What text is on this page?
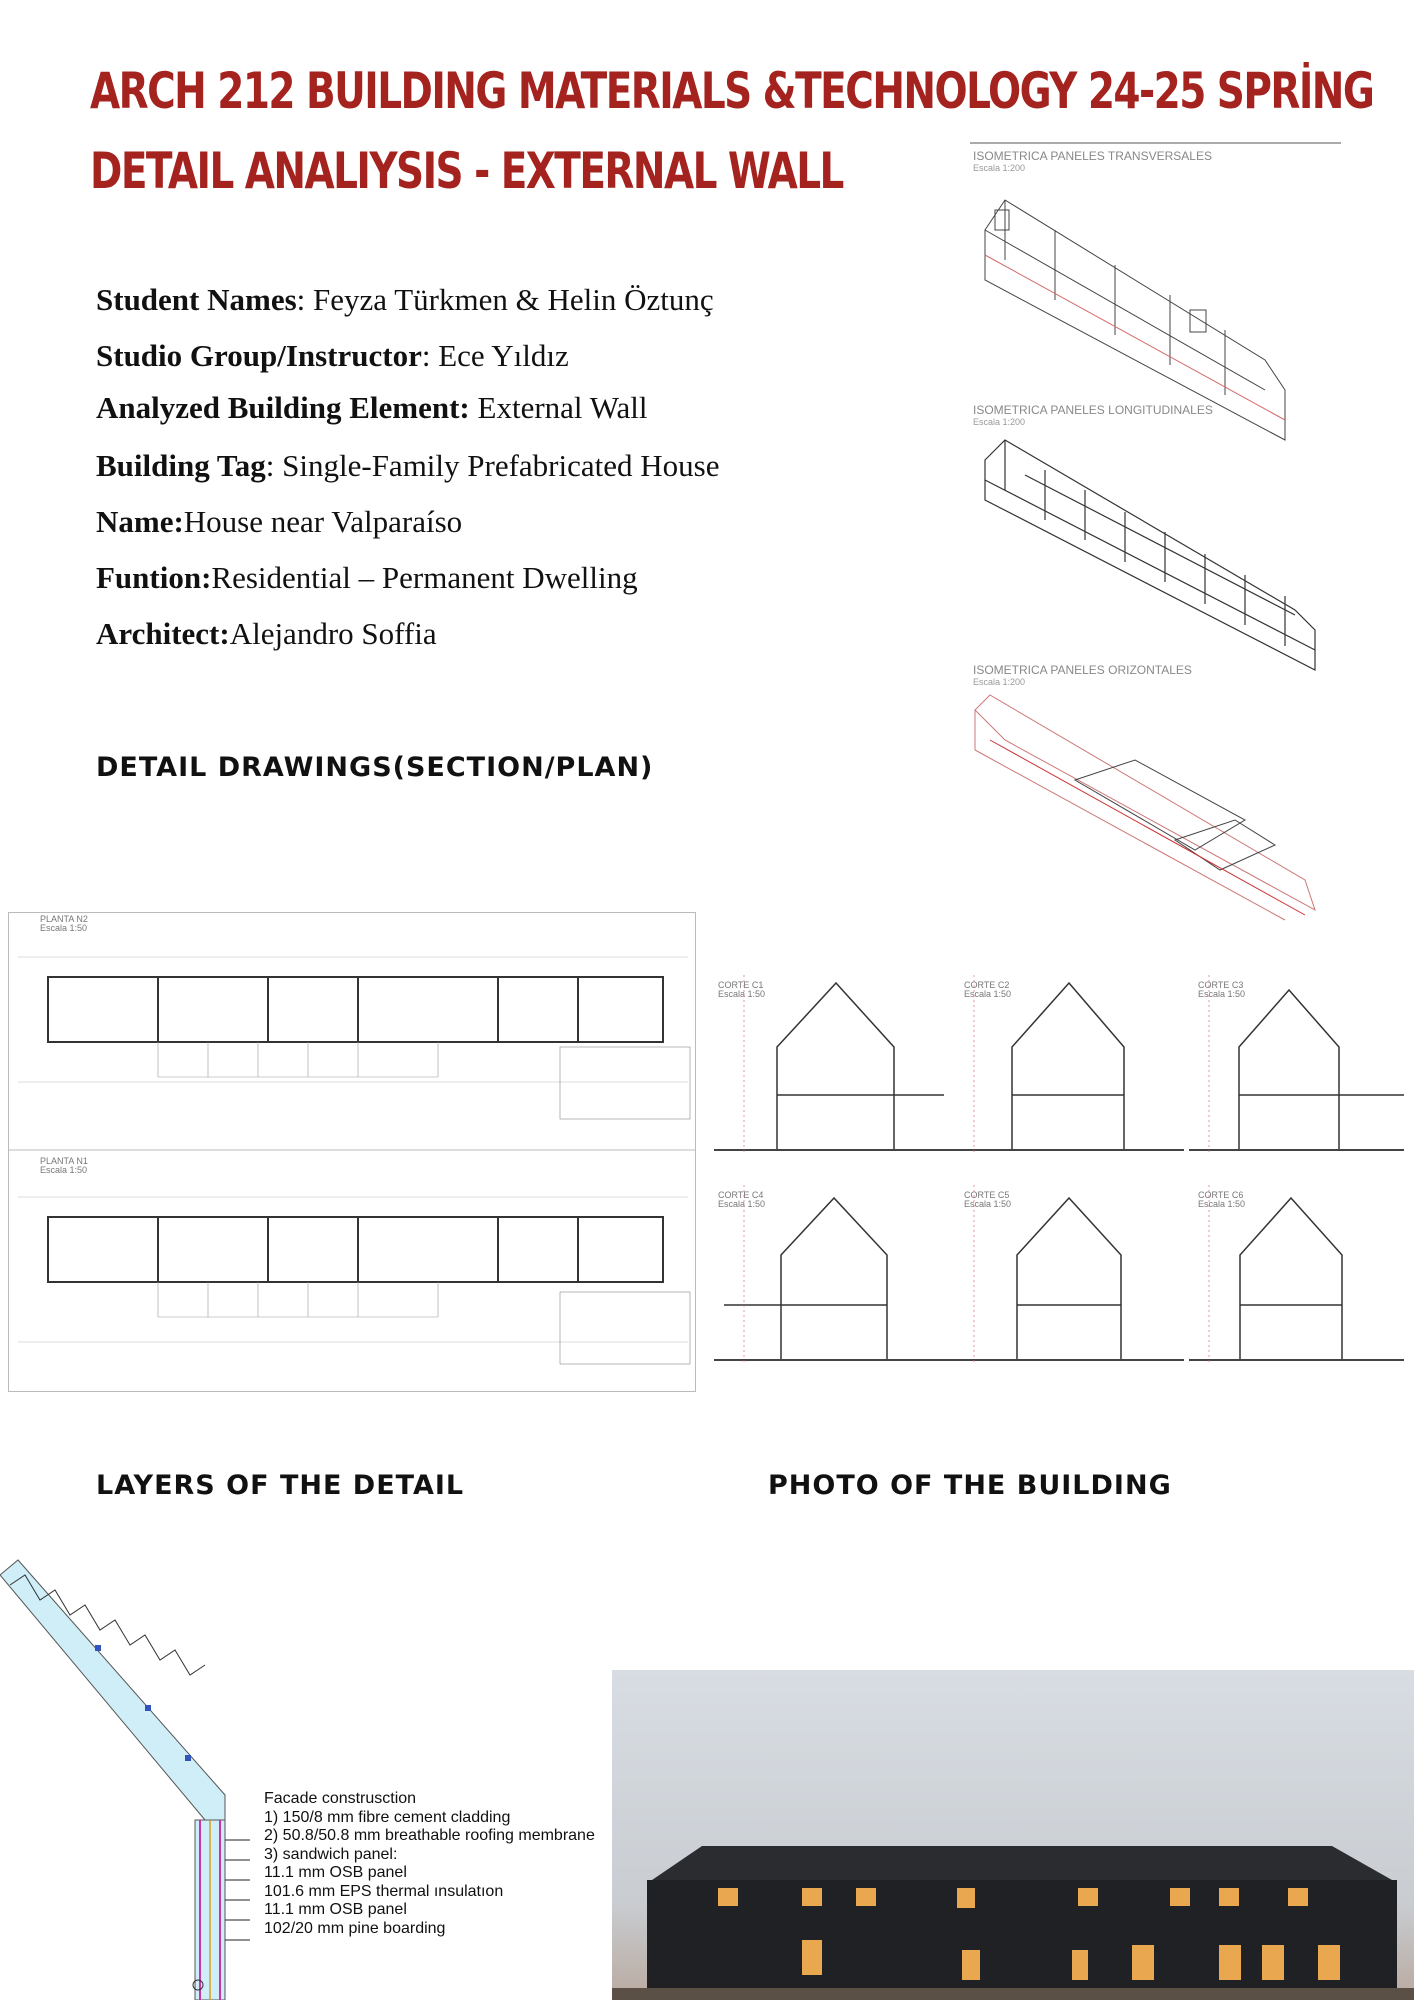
ARCH 212 BUILDING MATERIALS &TECHNOLOGY 24-25 SPRİNG
DETAIL ANALIYSIS - EXTERNAL WALL
Student Names: Feyza Türkmen & Helin Öztunç
Studio Group/Instructor: Ece Yıldız
Analyzed Building Element: External Wall
Building Tag: Single-Family Prefabricated House
Name:House near Valparaíso
Funtion:Residential – Permanent Dwelling
Architect:Alejandro Soffia
DETAIL DRAWINGS(SECTION/PLAN)
LAYERS OF THE DETAIL	PHOTO OF THE BUILDING
ISOMETRICA PANELES TRANSVERSALES
Escala 1:200
ISOMETRICA PANELES LONGITUDINALES
Escala 1:200
ISOMETRICA PANELES ORIZONTALES
Escala 1:200
PLANTA N2
Escala 1:50
PLANTA N1
Escala 1:50
CORTE C1
Escala 1:50
CORTE C2
Escala 1:50
CORTE C3
Escala 1:50
CORTE C4
Escala 1:50
CORTE C5
Escala 1:50
CORTE C6
Escala 1:50
Facade construsction
1) 150/8 mm fibre cement cladding
2) 50.8/50.8 mm breathable roofing membrane
3) sandwich panel:
11.1 mm OSB panel
101.6 mm EPS thermal ınsulatıon
11.1 mm OSB panel
102/20 mm pine boarding
